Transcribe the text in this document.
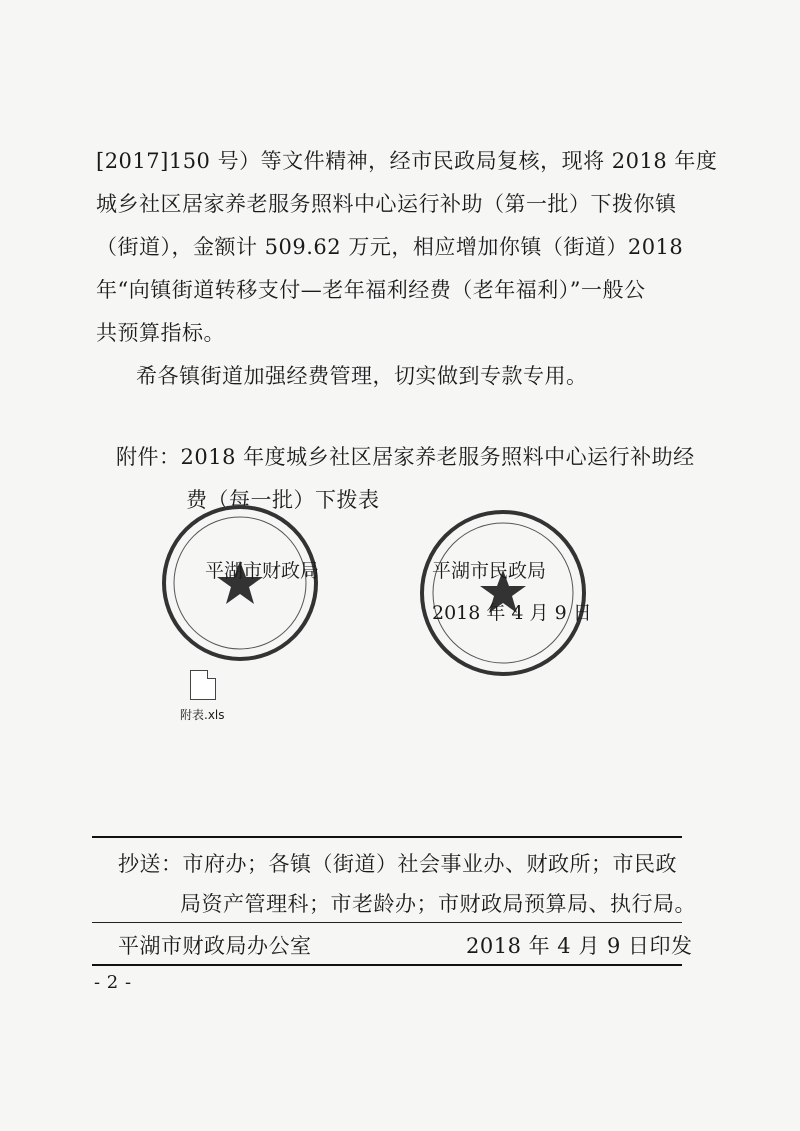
[2017]150 号）等文件精神，经市民政局复核，现将 2018 年度
城乡社区居家养老服务照料中心运行补助（第一批）下拨你镇
（街道），金额计 509.62 万元，相应增加你镇（街道）2018
年“向镇街道转移支付—老年福利经费（老年福利）”一般公
共预算指标。
希各镇街道加强经费管理，切实做到专款专用。
附件：2018 年度城乡社区居家养老服务照料中心运行补助经
费（每一批）下拨表
平湖市财政局	平湖市民政局
2018 年 4 月 9 日
附表.xls
抄送：市府办；各镇（街道）社会事业办、财政所；市民政
局资产管理科；市老龄办；市财政局预算局、执行局。
平湖市财政局办公室	2018 年 4 月 9 日印发
- 2 -
